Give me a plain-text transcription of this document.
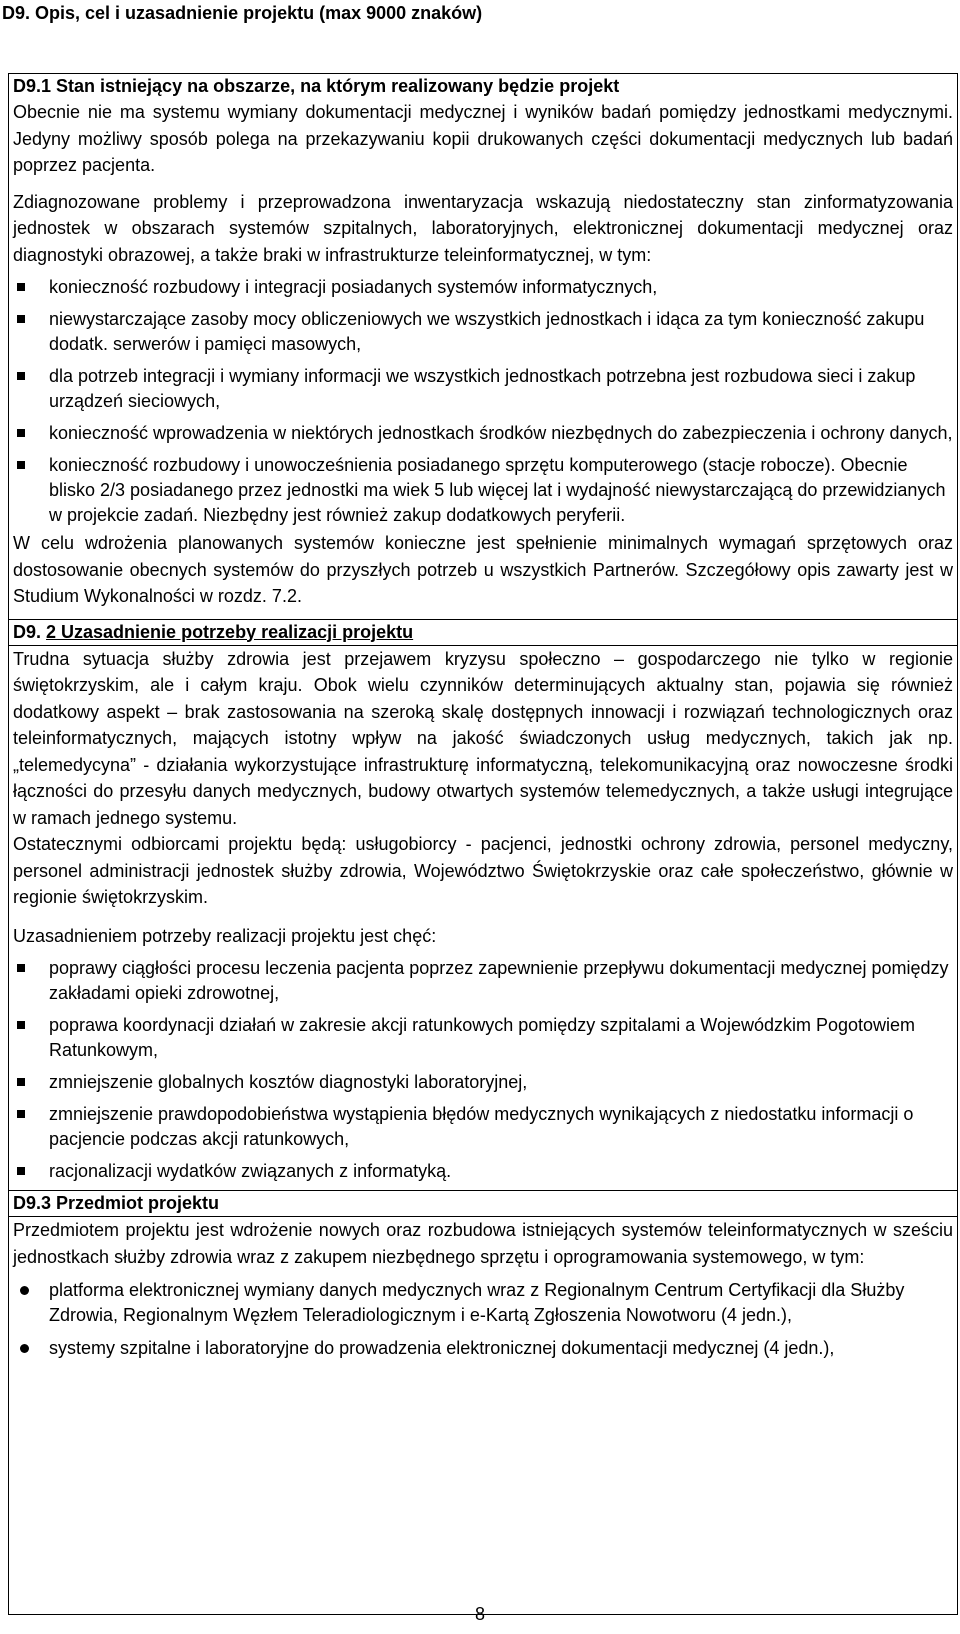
D9. Opis, cel i uzasadnienie projektu (max 9000 znaków)
D9.1 Stan istniejący na obszarze, na którym realizowany będzie projekt

Obecnie nie ma systemu wymiany dokumentacji medycznej i wyników badań pomiędzy jednostkami medycznymi. Jedyny możliwy sposób polega na przekazywaniu kopii drukowanych części dokumentacji medycznych lub badań poprzez pacjenta.

Zdiagnozowane problemy i przeprowadzona inwentaryzacja wskazują niedostateczny stan zinformatyzowania jednostek w obszarach systemów szpitalnych, laboratoryjnych, elektronicznej dokumentacji medycznej oraz diagnostyki obrazowej, a także braki w infrastrukturze teleinformatycznej, w tym:

konieczność rozbudowy i integracji posiadanych systemów informatycznych,
niewystarczające zasoby mocy obliczeniowych we wszystkich jednostkach i idąca za tym konieczność zakupu dodatk. serwerów i pamięci masowych,
dla potrzeb integracji i wymiany informacji we wszystkich jednostkach potrzebna jest rozbudowa sieci i zakup urządzeń sieciowych,
konieczność wprowadzenia w niektórych jednostkach środków niezbędnych do zabezpieczenia i ochrony danych,
konieczność rozbudowy i unowocześnienia posiadanego sprzętu komputerowego (stacje robocze). Obecnie blisko 2/3 posiadanego przez jednostki ma wiek 5 lub więcej lat i wydajność niewystarczającą do przewidzianych w projekcie zadań. Niezbędny jest również zakup dodatkowych peryferii.

W celu wdrożenia planowanych systemów konieczne jest spełnienie minimalnych wymagań sprzętowych oraz dostosowanie obecnych systemów do przyszłych potrzeb u wszystkich Partnerów. Szczegółowy opis zawarty jest w Studium Wykonalności w rozdz. 7.2.

D9. 2 Uzasadnienie potrzeby realizacji projektu

Trudna sytuacja służby zdrowia jest przejawem kryzysu społeczno – gospodarczego nie tylko w regionie świętokrzyskim, ale i całym kraju. Obok wielu czynników determinujących aktualny stan, pojawia się również dodatkowy aspekt – brak zastosowania na szeroką skalę dostępnych innowacji i rozwiązań technologicznych oraz teleinformatycznych, mających istotny wpływ na jakość świadczonych usług medycznych, takich jak np. „telemedycyna” - działania wykorzystujące infrastrukturę informatyczną, telekomunikacyjną oraz nowoczesne środki łączności do przesyłu danych medycznych, budowy otwartych systemów telemedycznych, a także usługi integrujące w ramach jednego systemu.

Ostatecznymi odbiorcami projektu będą: usługobiorcy - pacjenci, jednostki ochrony zdrowia, personel medyczny, personel administracji jednostek służby zdrowia, Województwo Świętokrzyskie oraz całe społeczeństwo, głównie w regionie świętokrzyskim.

Uzasadnieniem potrzeby realizacji projektu jest chęć:

poprawy ciągłości procesu leczenia pacjenta poprzez zapewnienie przepływu dokumentacji medycznej pomiędzy zakładami opieki zdrowotnej,
poprawa koordynacji działań w zakresie akcji ratunkowych pomiędzy szpitalami a Wojewódzkim Pogotowiem Ratunkowym,
zmniejszenie globalnych kosztów diagnostyki laboratoryjnej,
zmniejszenie prawdopodobieństwa wystąpienia błędów medycznych wynikających z niedostatku informacji o pacjencie podczas akcji ratunkowych,
racjonalizacji wydatków związanych z informatyką.
D9.3 Przedmiot projektu

Przedmiotem projektu jest wdrożenie nowych oraz rozbudowa istniejących systemów teleinformatycznych w sześciu jednostkach służby zdrowia wraz z zakupem niezbędnego sprzętu i oprogramowania systemowego, w tym:

platforma elektronicznej wymiany danych medycznych wraz z Regionalnym Centrum Certyfikacji dla Służby Zdrowia, Regionalnym Węzłem Teleradiologicznym i e-Kartą Zgłoszenia Nowotworu (4 jedn.),
systemy szpitalne i laboratoryjne do prowadzenia elektronicznej dokumentacji medycznej (4 jedn.),
8
